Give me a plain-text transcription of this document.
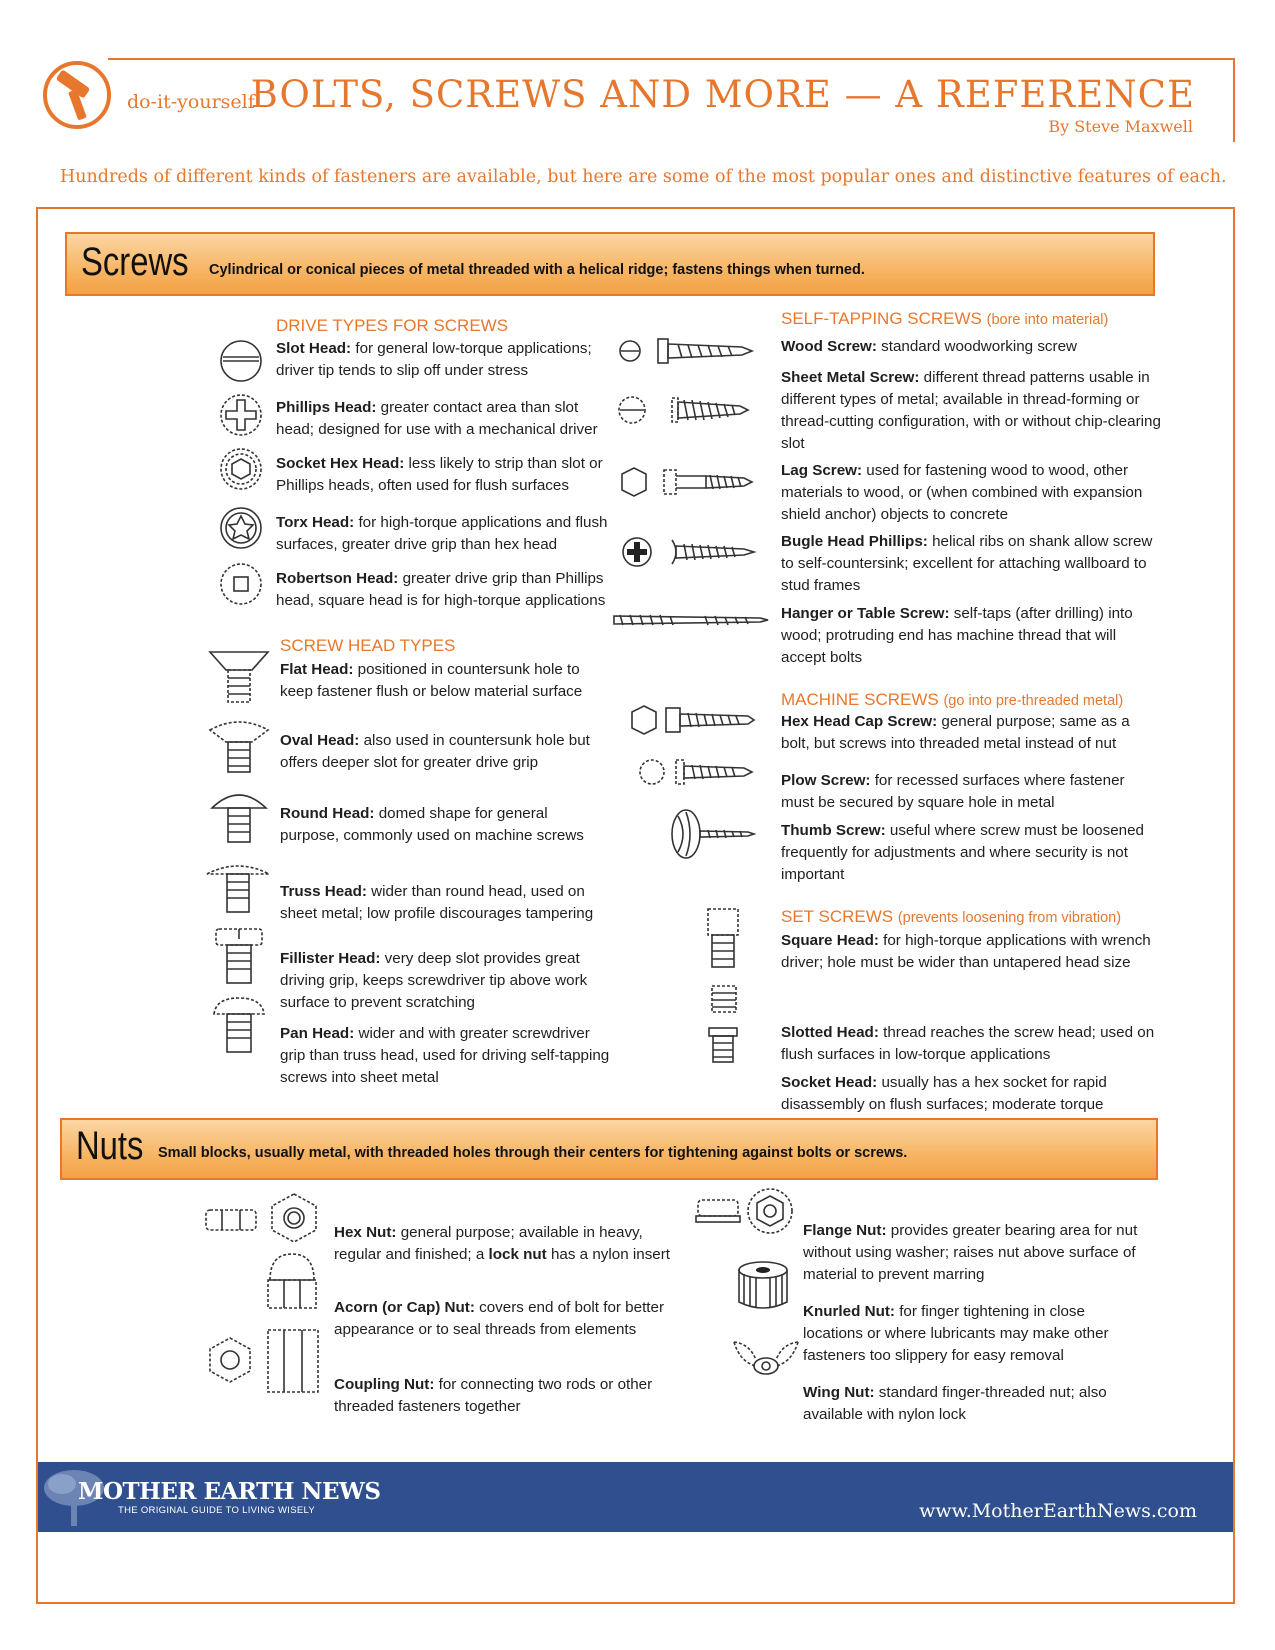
do-it-yourself
BOLTS, SCREWS AND MORE — A REFERENCE
By Steve Maxwell
Hundreds of different kinds of fasteners are available, but here are some of the most popular ones and distinctive features of each.
Screws Cylindrical or conical pieces of metal threaded with a helical ridge; fastens things when turned.
DRIVE TYPES FOR SCREWS
Slot Head: for general low-torque applications; driver tip tends to slip off under stress
Phillips Head: greater contact area than slot head; designed for use with a mechanical driver
Socket Hex Head: less likely to strip than slot or Phillips heads, often used for flush surfaces
Torx Head: for high-torque applications and flush surfaces, greater drive grip than hex head
Robertson Head: greater drive grip than Phillips head, square head is for high-torque applications
SCREW HEAD TYPES
Flat Head: positioned in countersunk hole to keep fastener flush or below material surface
Oval Head: also used in countersunk hole but offers deeper slot for greater drive grip
Round Head: domed shape for general purpose, commonly used on machine screws
Truss Head: wider than round head, used on sheet metal; low profile discourages tampering
Fillister Head: very deep slot provides great driving grip, keeps screwdriver tip above work surface to prevent scratching
Pan Head: wider and with greater screwdriver grip than truss head, used for driving self-tapping screws into sheet metal
SELF-TAPPING SCREWS (bore into material)
Wood Screw: standard woodworking screw
Sheet Metal Screw: different thread patterns usable in different types of metal; available in thread-forming or thread-cutting configuration, with or without chip-clearing slot
Lag Screw: used for fastening wood to wood, other materials to wood, or (when combined with expansion shield anchor) objects to concrete
Bugle Head Phillips: helical ribs on shank allow screw to self-countersink; excellent for attaching wallboard to stud frames
Hanger or Table Screw: self-taps (after drilling) into wood; protruding end has machine thread that will accept bolts
MACHINE SCREWS (go into pre-threaded metal)
Hex Head Cap Screw: general purpose; same as a bolt, but screws into threaded metal instead of nut
Plow Screw: for recessed surfaces where fastener must be secured by square hole in metal
Thumb Screw: useful where screw must be loosened frequently for adjustments and where security is not important
SET SCREWS (prevents loosening from vibration)
Square Head: for high-torque applications with wrench driver; hole must be wider than untapered head size
Slotted Head: thread reaches the screw head; used on flush surfaces in low-torque applications
Socket Head: usually has a hex socket for rapid disassembly on flush surfaces; moderate torque
Nuts Small blocks, usually metal, with threaded holes through their centers for tightening against bolts or screws.
Hex Nut: general purpose; available in heavy, regular and finished; a lock nut has a nylon insert
Acorn (or Cap) Nut: covers end of bolt for better appearance or to seal threads from elements
Coupling Nut: for connecting two rods or other threaded fasteners together
Flange Nut: provides greater bearing area for nut without using washer; raises nut above surface of material to prevent marring
Knurled Nut: for finger tightening in close locations or where lubricants may make other fasteners too slippery for easy removal
Wing Nut: standard finger-threaded nut; also available with nylon lock
MOTHER EARTH NEWS
THE ORIGINAL GUIDE TO LIVING WISELY	www.MotherEarthNews.com
